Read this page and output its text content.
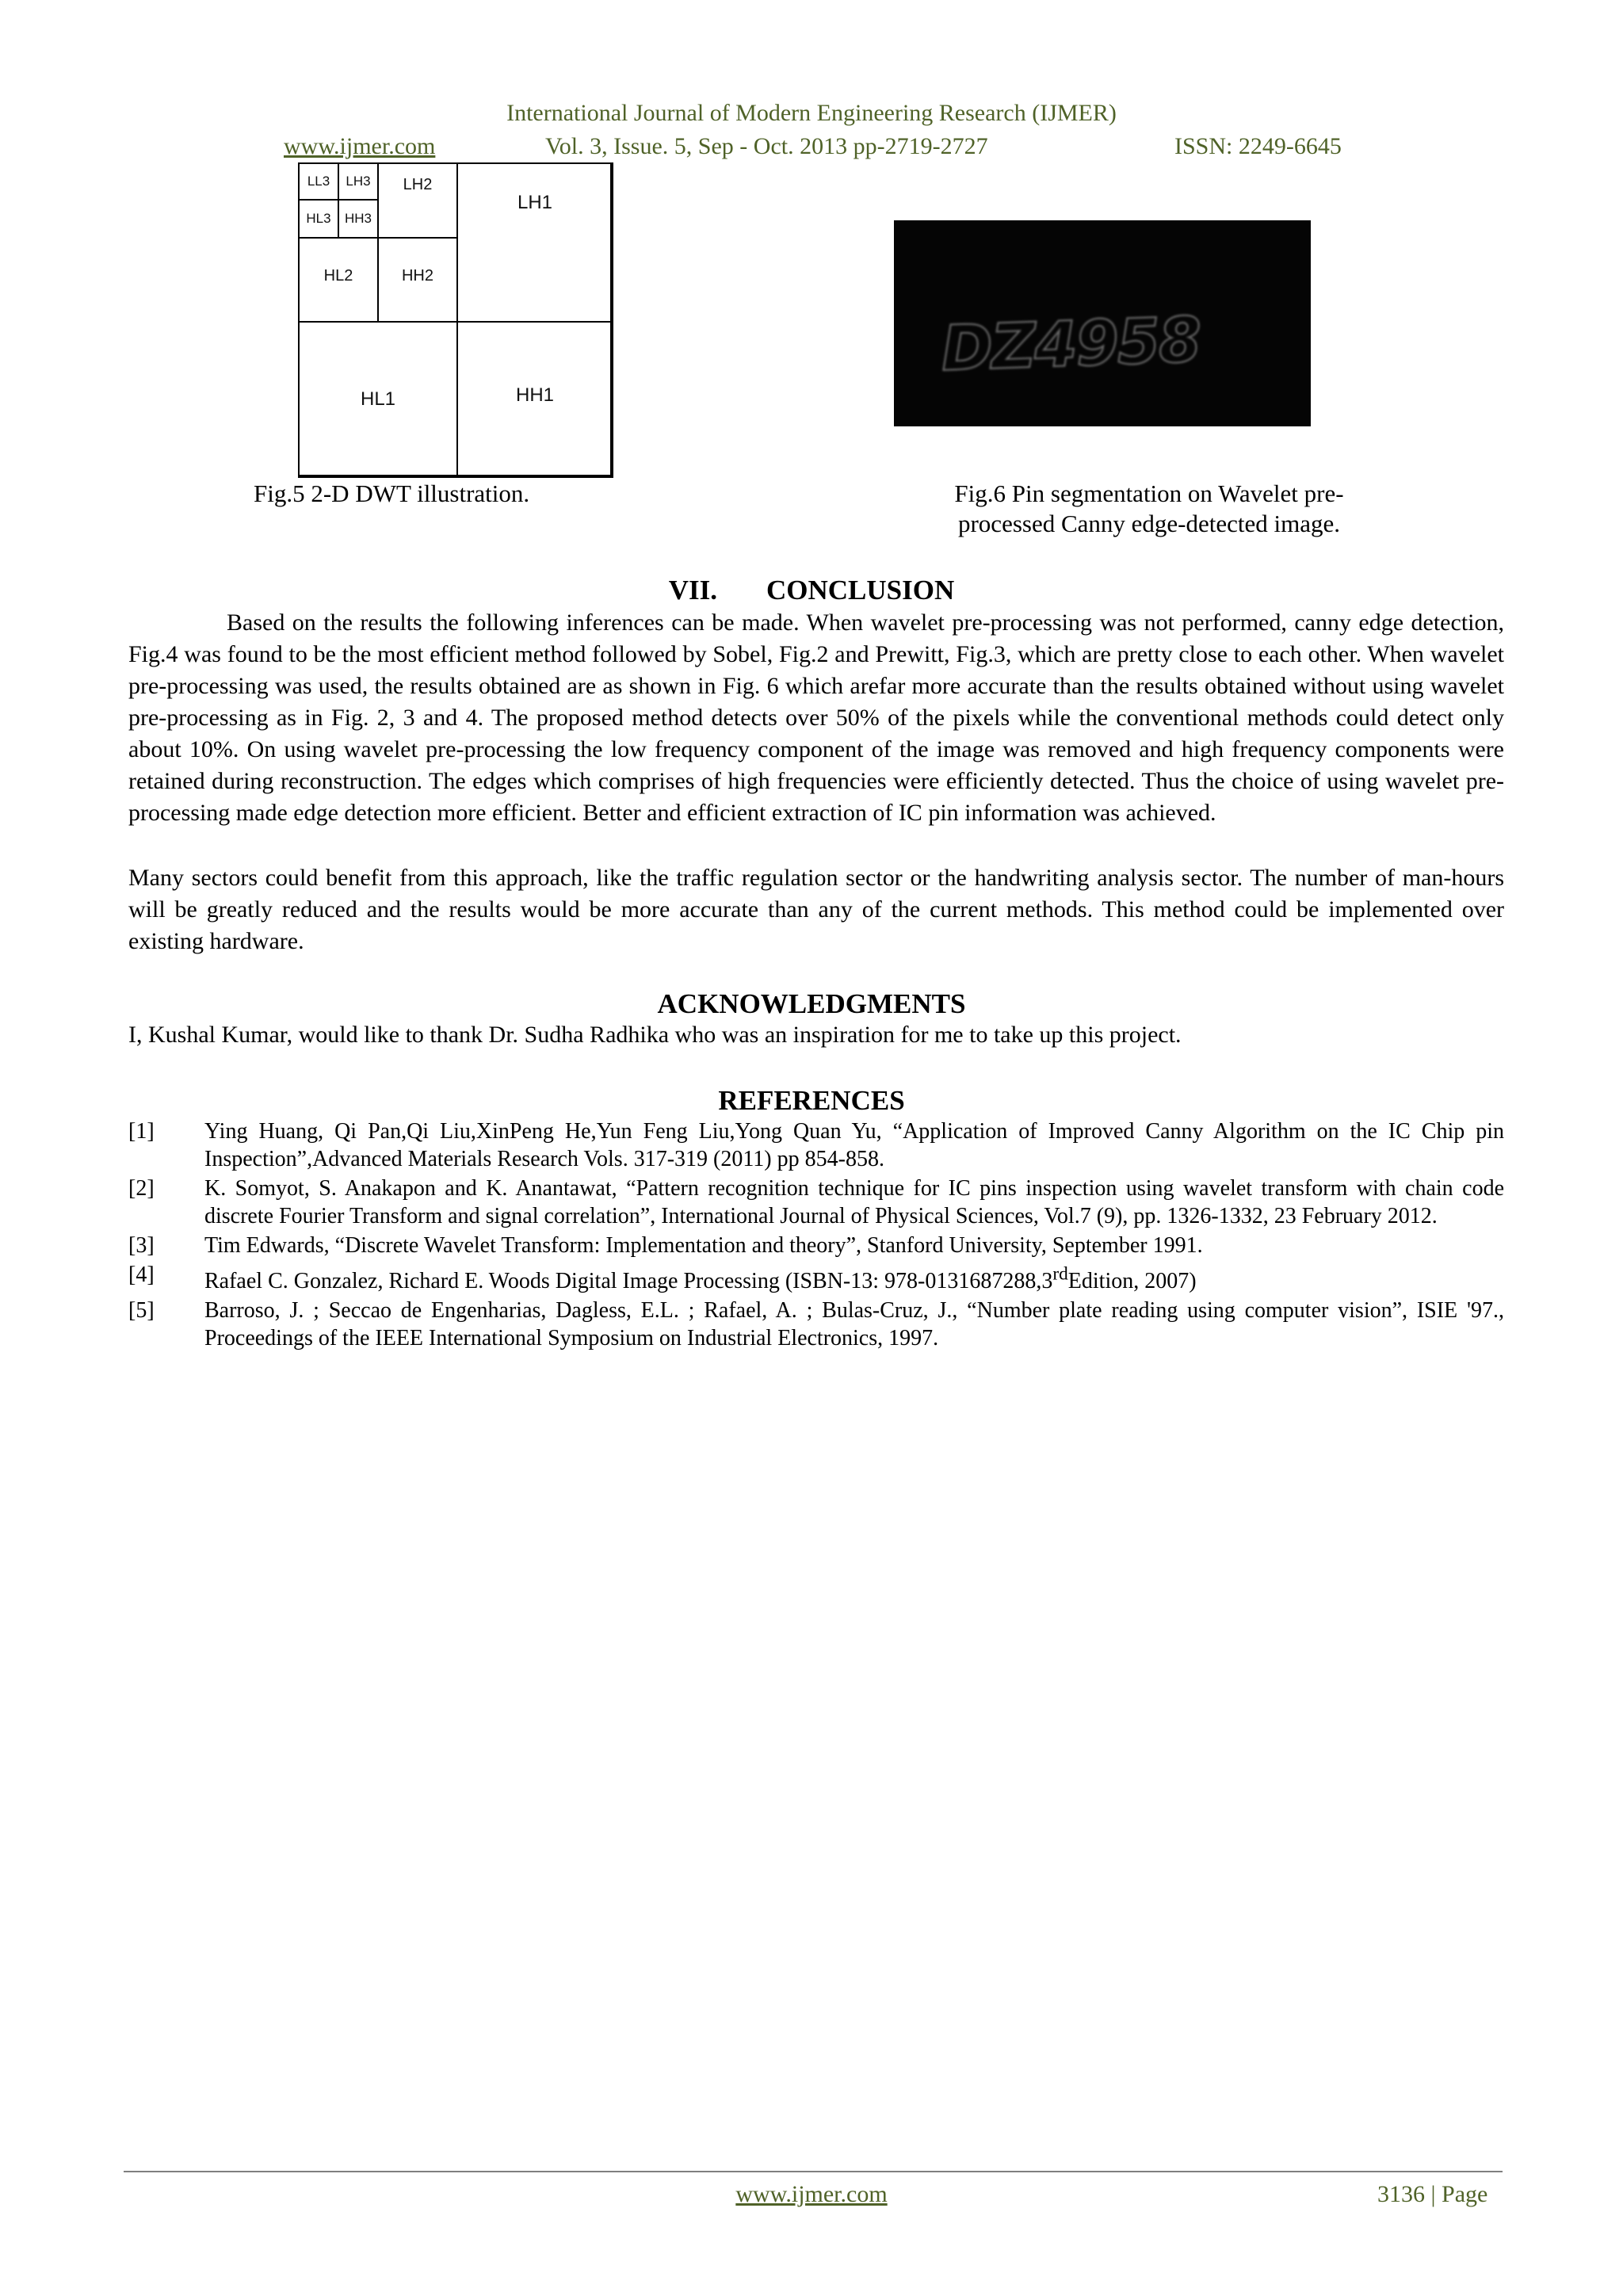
International Journal of Modern Engineering Research (IJMER)
www.ijmer.com	Vol. 3, Issue. 5, Sep - Oct. 2013 pp-2719-2727	ISSN: 2249-6645
LL3	LH3
HL3	HH3
LH2
HL2	HH2
LH1
HL1	HH1
DZ4958
Fig.5 2-D DWT illustration.	Fig.6 Pin segmentation on Wavelet pre-
processed Canny edge-detected image.
VII. CONCLUSION
Based on the results the following inferences can be made. When wavelet pre-processing was not performed, canny edge detection, Fig.4 was found to be the most efficient method followed by Sobel, Fig.2 and Prewitt, Fig.3, which are pretty close to each other. When wavelet pre-processing was used, the results obtained are as shown in Fig. 6 which arefar more accurate than the results obtained without using wavelet pre-processing as in Fig. 2, 3 and 4. The proposed method detects over 50% of the pixels while the conventional methods could detect only about 10%. On using wavelet pre-processing the low frequency component of the image was removed and high frequency components were retained during reconstruction. The edges which comprises of high frequencies were efficiently detected. Thus the choice of using wavelet pre-processing made edge detection more efficient. Better and efficient extraction of IC pin information was achieved.
Many sectors could benefit from this approach, like the traffic regulation sector or the handwriting analysis sector. The number of man-hours will be greatly reduced and the results would be more accurate than any of the current methods. This method could be implemented over existing hardware.
ACKNOWLEDGMENTS
I, Kushal Kumar, would like to thank Dr. Sudha Radhika who was an inspiration for me to take up this project.
REFERENCES
[1] Ying Huang, Qi Pan,Qi Liu,XinPeng He,Yun Feng Liu,Yong Quan Yu, “Application of Improved Canny Algorithm on the IC Chip pin Inspection”,Advanced Materials Research Vols. 317-319 (2011) pp 854-858.
[2] K. Somyot, S. Anakapon and K. Anantawat, “Pattern recognition technique for IC pins inspection using wavelet transform with chain code discrete Fourier Transform and signal correlation”, International Journal of Physical Sciences, Vol.7 (9), pp. 1326-1332, 23 February 2012.
[3] Tim Edwards, “Discrete Wavelet Transform: Implementation and theory”, Stanford University, September 1991.
[4] Rafael C. Gonzalez, Richard E. Woods Digital Image Processing (ISBN-13: 978-0131687288,3rdEdition, 2007)
[5] Barroso, J. ; Seccao de Engenharias, Dagless, E.L. ; Rafael, A. ; Bulas-Cruz, J., “Number plate reading using computer vision”, ISIE '97., Proceedings of the IEEE International Symposium on Industrial Electronics, 1997.
www.ijmer.com	3136 | Page
